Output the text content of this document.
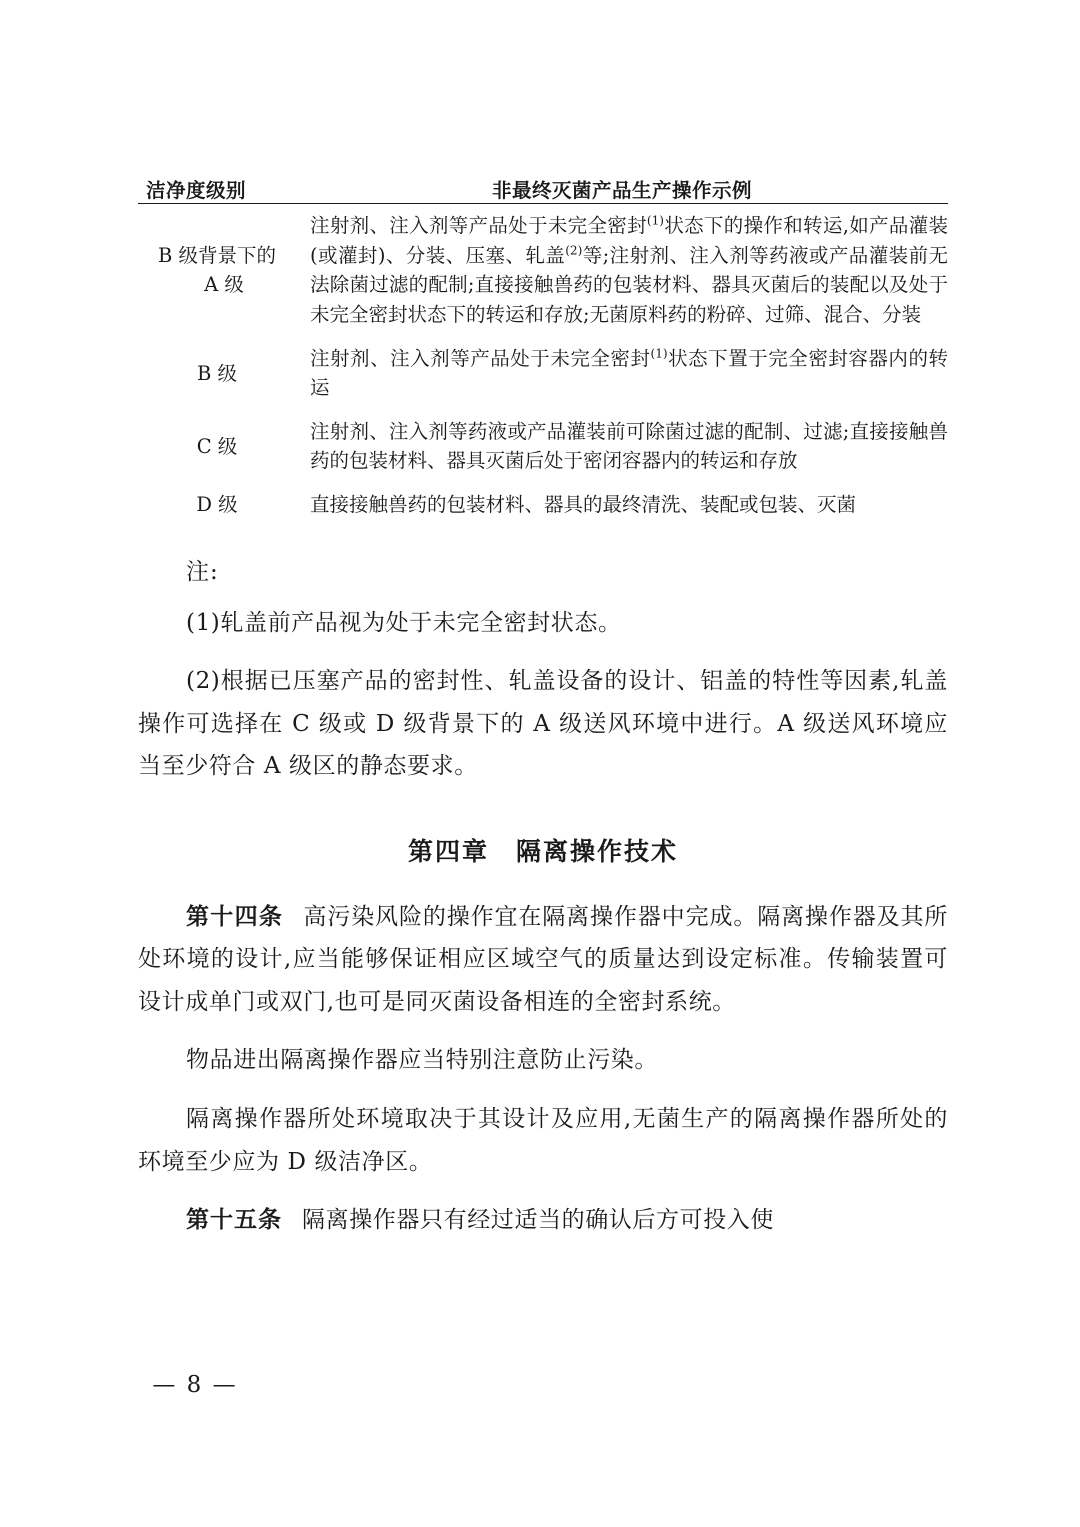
洁净度级别	非最终灭菌产品生产操作示例

B 级背景下的
A 级	注射剂、注入剂等产品处于未完全密封$^{(1)}$状态下的操作和转运,如产品灌装(或灌封)、分装、压塞、轧盖$^{(2)}$等;注射剂、注入剂等药液或产品灌装前无法除菌过滤的配制;直接接触兽药的包装材料、器具灭菌后的装配以及处于未完全密封状态下的转运和存放;无菌原料药的粉碎、过筛、混合、分装

B 级	注射剂、注入剂等产品处于未完全密封$^{(1)}$状态下置于完全密封容器内的转运

C 级	注射剂、注入剂等药液或产品灌装前可除菌过滤的配制、过滤;直接接触兽药的包装材料、器具灭菌后处于密闭容器内的转运和存放

D 级	直接接触兽药的包装材料、器具的最终清洗、装配或包装、灭菌

注:

(1)轧盖前产品视为处于未完全密封状态。

(2)根据已压塞产品的密封性、轧盖设备的设计、铝盖的特性等因素,轧盖操作可选择在 C 级或 D 级背景下的 A 级送风环境中进行。A 级送风环境应当至少符合 A 级区的静态要求。

第四章　隔离操作技术

第十四条 高污染风险的操作宜在隔离操作器中完成。隔离操作器及其所处环境的设计,应当能够保证相应区域空气的质量达到设定标准。传输装置可设计成单门或双门,也可是同灭菌设备相连的全密封系统。

物品进出隔离操作器应当特别注意防止污染。

隔离操作器所处环境取决于其设计及应用,无菌生产的隔离操作器所处的环境至少应为 D 级洁净区。

第十五条 隔离操作器只有经过适当的确认后方可投入使

— 8 —
